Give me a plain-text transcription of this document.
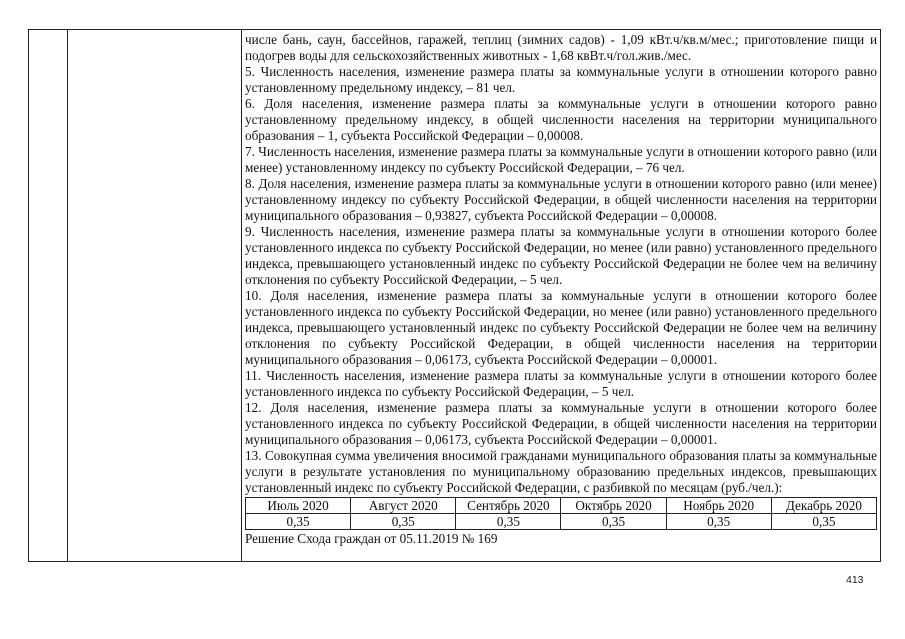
числе бань, саун, бассейнов, гаражей, теплиц (зимних садов) - 1,09 кВт.ч/кв.м/мес.; приготовление пищи и подогрев воды для сельскохозяйственных животных - 1,68 квВт.ч/гол.жив./мес.

5. Численность населения, изменение размера платы за коммунальные услуги в отношении которого равно установленному предельному индексу, – 81 чел.

6. Доля населения, изменение размера платы за коммунальные услуги в отношении которого равно установленному предельному индексу, в общей численности населения на территории муниципального образования – 1, субъекта Российской Федерации – 0,00008.

7. Численность населения, изменение размера платы за коммунальные услуги в отношении которого равно (или менее) установленному индексу по субъекту Российской Федерации, – 76 чел.

8. Доля населения, изменение размера платы за коммунальные услуги в отношении которого равно (или менее) установленному индексу по субъекту Российской Федерации, в общей численности населения на территории муниципального образования – 0,93827, субъекта Российской Федерации – 0,00008.

9. Численность населения, изменение размера платы за коммунальные услуги в отношении которого более установленного индекса по субъекту Российской Федерации, но менее (или равно) установленного предельного индекса, превышающего установленный индекс по субъекту Российской Федерации не более чем на величину отклонения по субъекту Российской Федерации, – 5 чел.

10. Доля населения, изменение размера платы за коммунальные услуги в отношении которого более установленного индекса по субъекту Российской Федерации, но менее (или равно) установленного предельного индекса, превышающего установленный индекс по субъекту Российской Федерации не более чем на величину отклонения по субъекту Российской Федерации, в общей численности населения на территории муниципального образования – 0,06173, субъекта Российской Федерации – 0,00001.

11. Численность населения, изменение размера платы за коммунальные услуги в отношении которого более установленного индекса по субъекту Российской Федерации, – 5 чел.

12. Доля населения, изменение размера платы за коммунальные услуги в отношении которого более установленного индекса по субъекту Российской Федерации, в общей численности населения на территории муниципального образования – 0,06173, субъекта Российской Федерации – 0,00001.

13. Совокупная сумма увеличения вносимой гражданами муниципального образования платы за коммунальные услуги в результате установления по муниципальному образованию предельных индексов, превышающих установленный индекс по субъекту Российской Федерации, с разбивкой по месяцам (руб./чел.):

Июль 2020	Август 2020	Сентябрь 2020	Октябрь 2020	Ноябрь 2020	Декабрь 2020
0,35	0,35	0,35	0,35	0,35	0,35
Решение Схода граждан от 05.11.2019 № 169
413
